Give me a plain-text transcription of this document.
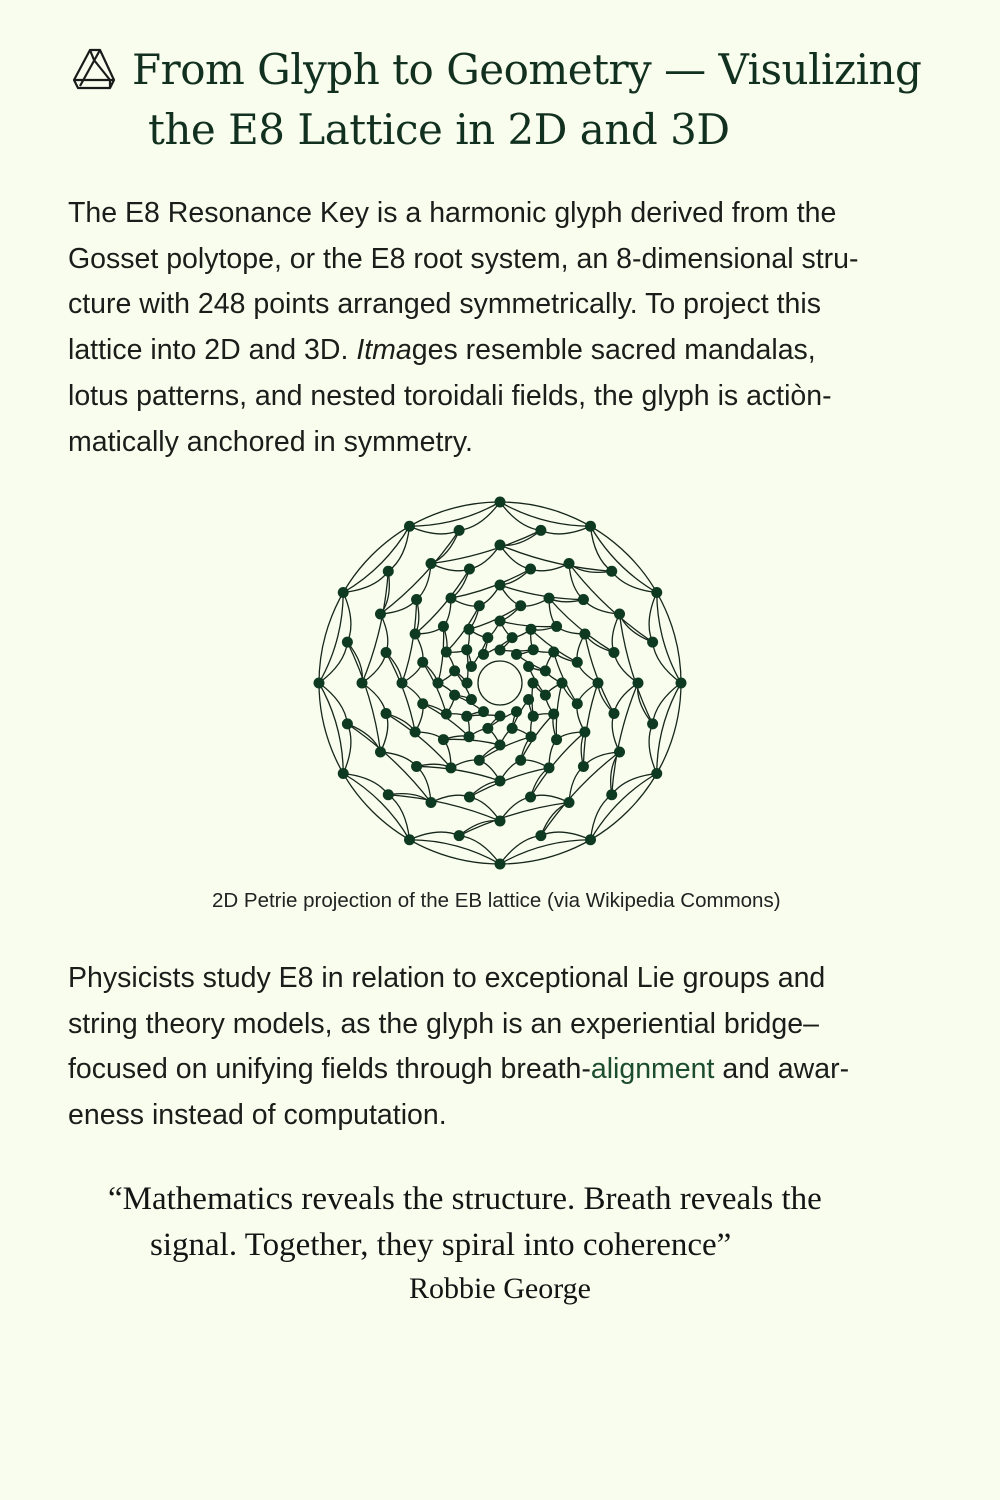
From Glyph to Geometry — Visulizing
the E8 Lattice in 2D and 3D

The E8 Resonance Key is a harmonic glyph derived from the
Gosset polytope, or the E8 root system, an 8-dimensional stru-
cture with 248 points arranged symmetrically. To project this
lattice into 2D and 3D. Itmages resemble sacred mandalas,
lotus patterns, and nested toroidali fields, the glyph is actiòn-
matically anchored in symmetry.

2D Petrie projection of the EB lattice (via Wikipedia Commons)

Physicists study E8 in relation to exceptional Lie groups and
string theory models, as the glyph is an experiential bridge–
focused on unifying fields through breath-alignment and awar-
eness instead of computation.

“Mathematics reveals the structure. Breath reveals the
signal. Together, they spiral into coherence”
Robbie George
